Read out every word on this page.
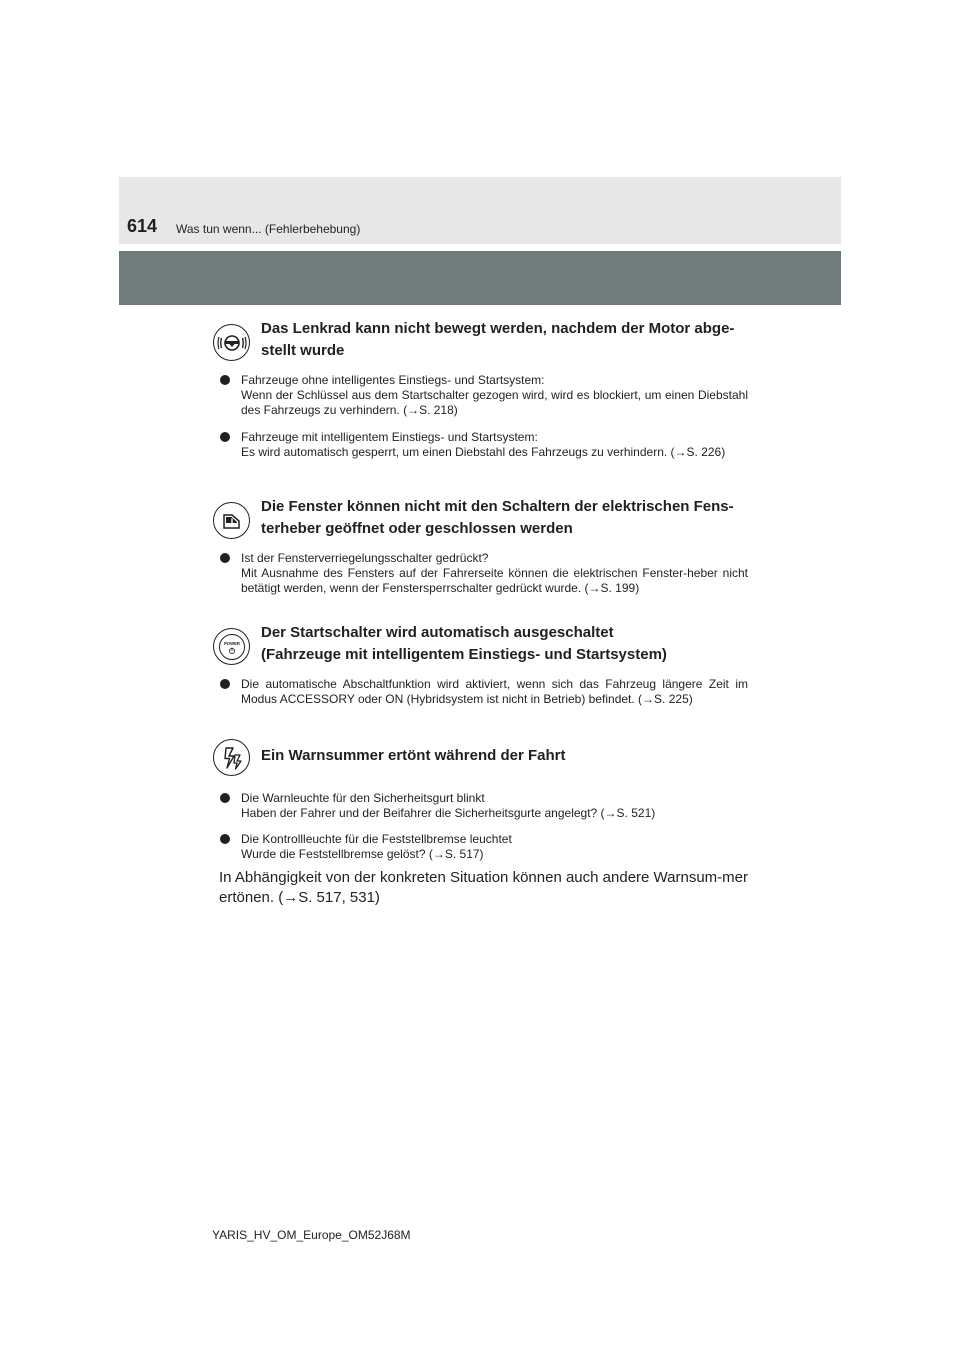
614 Was tun wenn... (Fehlerbehebung)
Das Lenkrad kann nicht bewegt werden, nachdem der Motor abge-
stellt wurde

Fahrzeuge ohne intelligentes Einstiegs- und Startsystem:

Wenn der Schlüssel aus dem Startschalter gezogen wird, wird es blockiert, um einen Diebstahl des Fahrzeugs zu verhindern. (→S. 218)

Fahrzeuge mit intelligentem Einstiegs- und Startsystem:

Es wird automatisch gesperrt, um einen Diebstahl des Fahrzeugs zu verhindern. (→S. 226)

Die Fenster können nicht mit den Schaltern der elektrischen Fens-
terheber geöffnet oder geschlossen werden

Ist der Fensterverriegelungsschalter gedrückt?

Mit Ausnahme des Fensters auf der Fahrerseite können die elektrischen Fenster-heber nicht betätigt werden, wenn der Fenstersperrschalter gedrückt wurde. (→S. 199)

POWER
Der Startschalter wird automatisch ausgeschaltet
(Fahrzeuge mit intelligentem Einstiegs- und Startsystem)

Die automatische Abschaltfunktion wird aktiviert, wenn sich das Fahrzeug längere Zeit im Modus ACCESSORY oder ON (Hybridsystem ist nicht in Betrieb) befindet. (→S. 225)

Ein Warnsummer ertönt während der Fahrt

Die Warnleuchte für den Sicherheitsgurt blinkt

Haben der Fahrer und der Beifahrer die Sicherheitsgurte angelegt? (→S. 521)

Die Kontrollleuchte für die Feststellbremse leuchtet

Wurde die Feststellbremse gelöst? (→S. 517)

In Abhängigkeit von der konkreten Situation können auch andere Warnsum-mer ertönen. (→S. 517, 531)

YARIS_HV_OM_Europe_OM52J68M
